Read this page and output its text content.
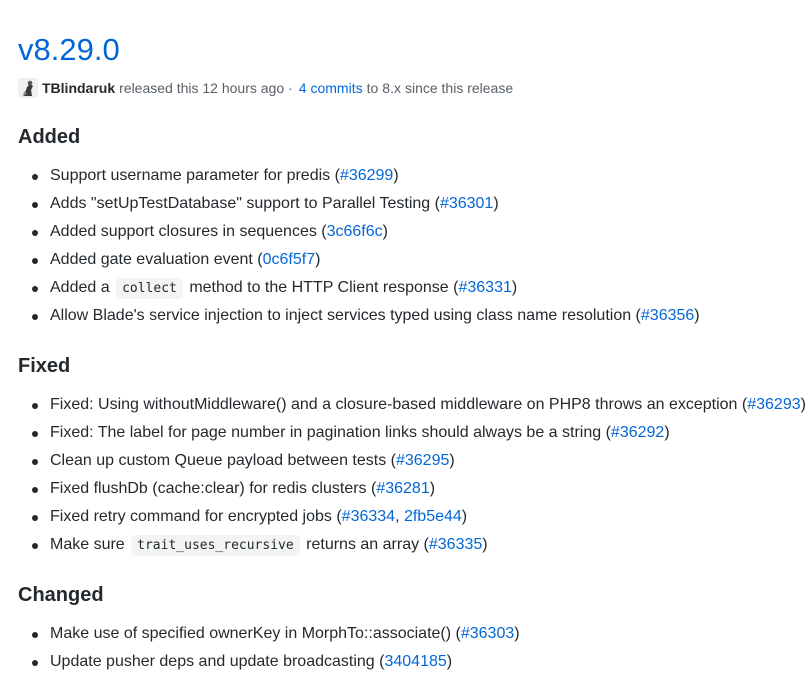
v8.29.0
TBlindaruk released this 12 hours ago · 4 commits to 8.x since this release
Added
Support username parameter for predis (#36299)
Adds "setUpTestDatabase" support to Parallel Testing (#36301)
Added support closures in sequences (3c66f6c)
Added gate evaluation event (0c6f5f7)
Added a collect method to the HTTP Client response (#36331)
Allow Blade's service injection to inject services typed using class name resolution (#36356)
Fixed
Fixed: Using withoutMiddleware() and a closure-based middleware on PHP8 throws an exception (#36293)
Fixed: The label for page number in pagination links should always be a string (#36292)
Clean up custom Queue payload between tests (#36295)
Fixed flushDb (cache:clear) for redis clusters (#36281)
Fixed retry command for encrypted jobs (#36334, 2fb5e44)
Make sure trait_uses_recursive returns an array (#36335)
Changed
Make use of specified ownerKey in MorphTo::associate() (#36303)
Update pusher deps and update broadcasting (3404185)
